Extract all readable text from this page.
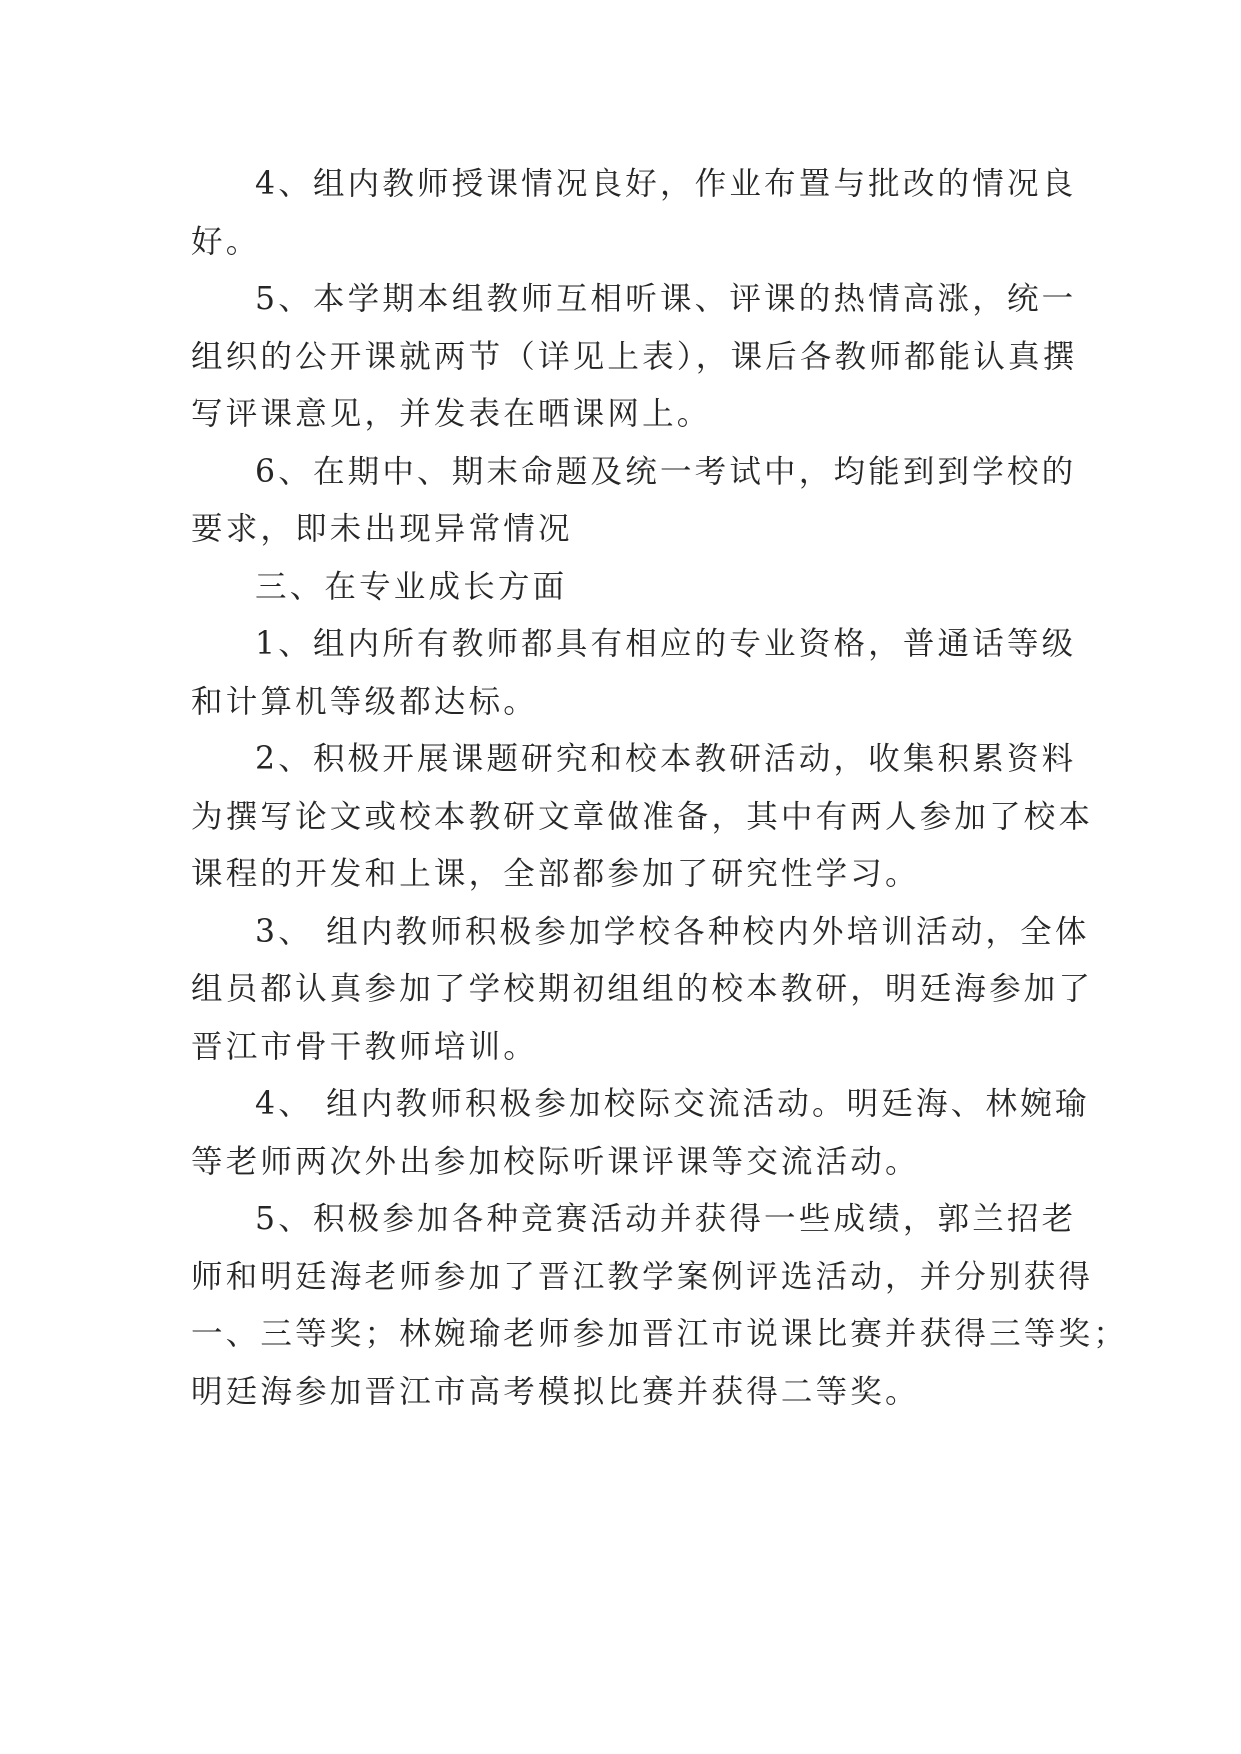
4、组内教师授课情况良好，作业布置与批改的情况良
好。

5、本学期本组教师互相听课、评课的热情高涨，统一
组织的公开课就两节（详见上表），课后各教师都能认真撰
写评课意见，并发表在晒课网上。

6、在期中、期末命题及统一考试中，均能到到学校的
要求，即未出现异常情况

三、在专业成长方面

1、组内所有教师都具有相应的专业资格，普通话等级
和计算机等级都达标。

2、积极开展课题研究和校本教研活动，收集积累资料
为撰写论文或校本教研文章做准备，其中有两人参加了校本
课程的开发和上课，全部都参加了研究性学习。

3、 组内教师积极参加学校各种校内外培训活动，全体
组员都认真参加了学校期初组组的校本教研，明廷海参加了
晋江市骨干教师培训。

4、 组内教师积极参加校际交流活动。明廷海、林婉瑜
等老师两次外出参加校际听课评课等交流活动。

5、积极参加各种竞赛活动并获得一些成绩，郭兰招老
师和明廷海老师参加了晋江教学案例评选活动，并分别获得
一、三等奖；林婉瑜老师参加晋江市说课比赛并获得三等奖；
明廷海参加晋江市高考模拟比赛并获得二等奖。
